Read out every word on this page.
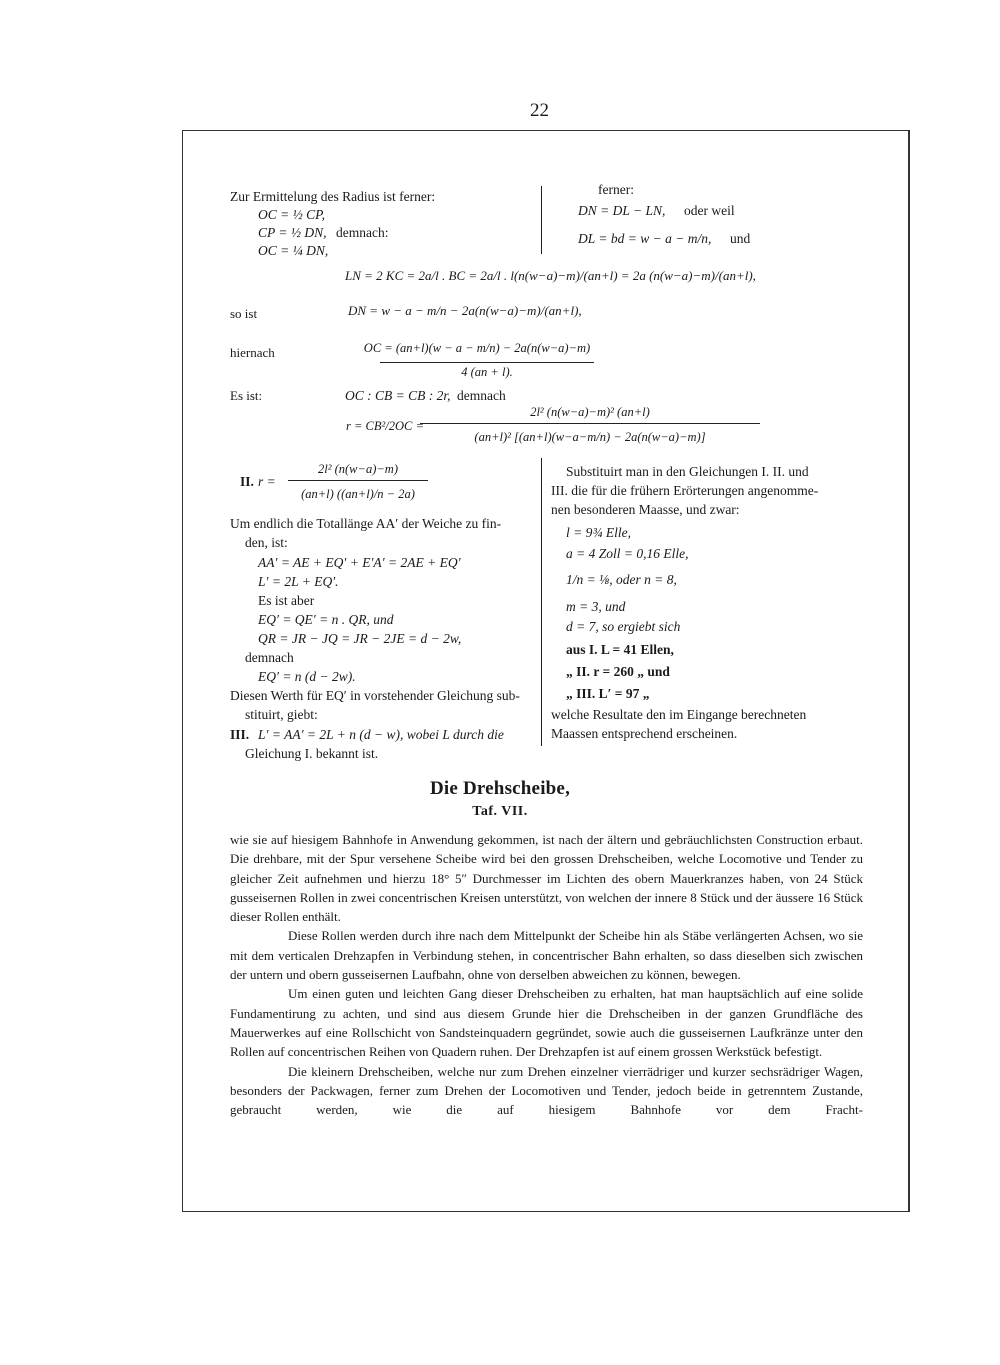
22
Zur Ermittelung des Radius ist ferner:
OC = ½ CP,
CP = ½ DN, demnach:
OC = ¼ DN,
ferner:
DN = DL − LN, oder weil
DL = bd = w − a − m/n, und
LN = 2 KC = 2a/l . BC = 2a/l . l(n(w−a)−m)/(an+l) = 2a (n(w−a)−m)/(an+l),
so ist	DN = w − a − m/n − 2a(n(w−a)−m)/(an+l),
hiernach	OC = (an+l)(w − a − m/n) − 2a(n(w−a)−m)
4 (an + l).
Es ist:	OC : CB = CB : 2r, demnach
r = CB²/2OC =
2l² (n(w−a)−m)² (an+l)
(an+l)² [(an+l)(w−a−m/n) − 2a(n(w−a)−m)]
II. r =
2l² (n(w−a)−m)
(an+l) ((an+l)/n − 2a)
Um endlich die Totallänge AA′ der Weiche zu fin-
den, ist:
AA′ = AE + EQ′ + E′A′ = 2AE + EQ′
L′ = 2L + EQ′.
Es ist aber
EQ′ = QE′ = n . QR, und
QR = JR − JQ = JR − 2JE = d − 2w,
demnach
EQ′ = n (d − 2w).
Diesen Werth für EQ′ in vorstehender Gleichung sub-
stituirt, giebt:
III. L′ = AA′ = 2L + n (d − w), wobei L durch die
Gleichung I. bekannt ist.
Substituirt man in den Gleichungen I. II. und
III. die für die frühern Erörterungen angenomme-
nen besonderen Maasse, und zwar:
l = 9¾ Elle,
a = 4 Zoll = 0,16 Elle,
1/n = ⅛, oder n = 8,
m = 3, und
d = 7, so ergiebt sich
aus I. L = 41 Ellen,
„ II. r = 260 „ und
„ III. L′ = 97 „
welche Resultate den im Eingange berechneten
Maassen entsprechend erscheinen.
Die Drehscheibe,
Taf. VII.

wie sie auf hiesigem Bahnhofe in Anwendung gekommen, ist nach der ältern und gebräuchlichsten Construction erbaut. Die drehbare, mit der Spur versehene Scheibe wird bei den grossen Drehscheiben, welche Locomotive und Tender zu gleicher Zeit aufnehmen und hierzu 18° 5″ Durchmesser im Lichten des obern Mauerkranzes haben, von 24 Stück gusseisernen Rollen in zwei concentrischen Kreisen unterstützt, von welchen der innere 8 Stück und der äussere 16 Stück dieser Rollen enthält.

Diese Rollen werden durch ihre nach dem Mittelpunkt der Scheibe hin als Stäbe verlängerten Achsen, wo sie mit dem verticalen Drehzapfen in Verbindung stehen, in concentrischer Bahn erhalten, so dass dieselben sich zwischen der untern und obern gusseisernen Laufbahn, ohne von derselben abweichen zu können, bewegen.

Um einen guten und leichten Gang dieser Drehscheiben zu erhalten, hat man hauptsächlich auf eine solide Fundamentirung zu achten, und sind aus diesem Grunde hier die Drehscheiben in der ganzen Grundfläche des Mauerwerkes auf eine Rollschicht von Sandsteinquadern gegründet, sowie auch die gusseisernen Laufkränze unter den Rollen auf concentrischen Reihen von Quadern ruhen. Der Drehzapfen ist auf einem grossen Werkstück befestigt.

Die kleinern Drehscheiben, welche nur zum Drehen einzelner vierrädriger und kurzer sechsrädriger Wagen, besonders der Packwagen, ferner zum Drehen der Locomotiven und Tender, jedoch beide in getrenntem Zustande, gebraucht werden, wie die auf hiesigem Bahnhofe vor dem Fracht-
